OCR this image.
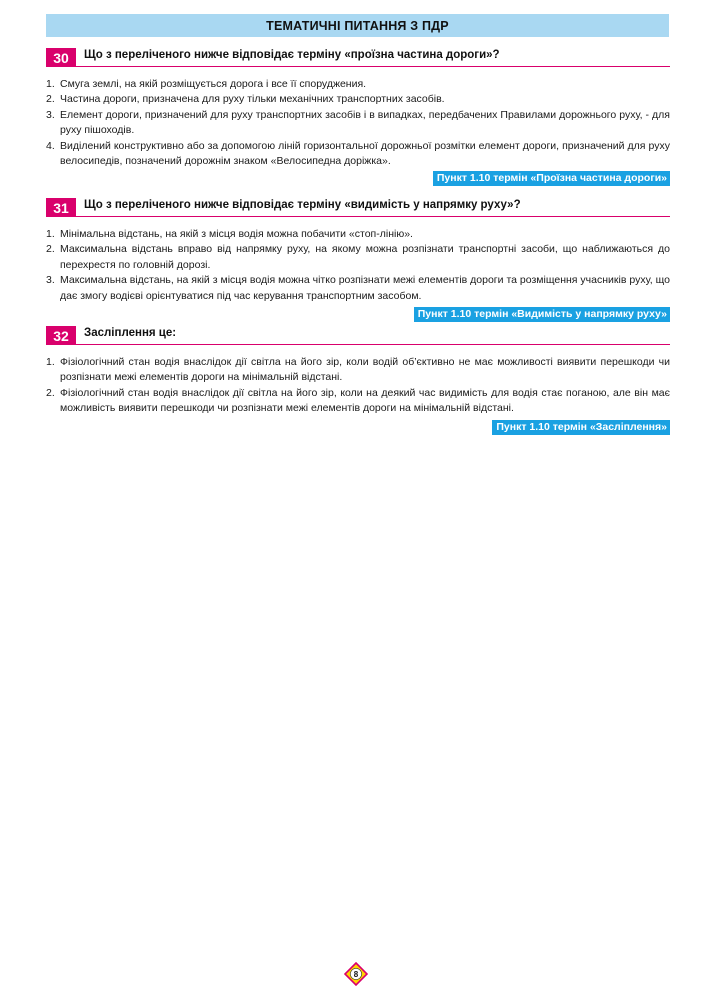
ТЕМАТИЧНІ ПИТАННЯ З ПДР
30	Що з переліченого нижче відповідає терміну «проїзна частина дороги»?
1. Смуга землі, на якій розміщується дорога і все її споруджения.
2. Частина дороги, призначена для руху тільки механічних транспортних засобів.
3. Елемент дороги, призначений для руху транспортних засобів і в випадках, передбачених Правилами дорожнього руху, - для руху пішоходів.
4. Виділений конструктивно або за допомогою ліній горизонтальної дорожньої розмітки елемент дороги, призначений для руху велосипедів, позначений дорожнім знаком «Велосипедна доріжка».
Пункт 1.10 термін «Проїзна частина дороги»
31	Що з переліченого нижче відповідає терміну «видимість у напрямку руху»?
1. Мінімальна відстань, на якій з місця водія можна побачити «стоп-лінію».
2. Максимальна відстань вправо від напрямку руху, на якому можна розпізнати транспортні засоби, що наближаються до перехрестя по головній дорозі.
3. Максимальна відстань, на якій з місця водія можна чітко розпізнати межі елементів дороги та розміщення учасників руху, що дає змогу водієві орієнтуватися під час керування транспортним засобом.
Пункт 1.10 термін «Видимість у напрямку руху»
32	Засліплення це:
1. Фізіологічний стан водія внаслідок дії світла на його зір, коли водій об’єктивно не має можливості виявити перешкоди чи розпізнати межі елементів дороги на мінімальній відстані.
2. Фізіологічний стан водія внаслідок дії світла на його зір, коли на деякий час видимість для водія стає поганою, але він має можливість виявити перешкоди чи розпізнати межі елементів дороги на мінімальній відстані.
Пункт 1.10 термін «Засліплення»
8
